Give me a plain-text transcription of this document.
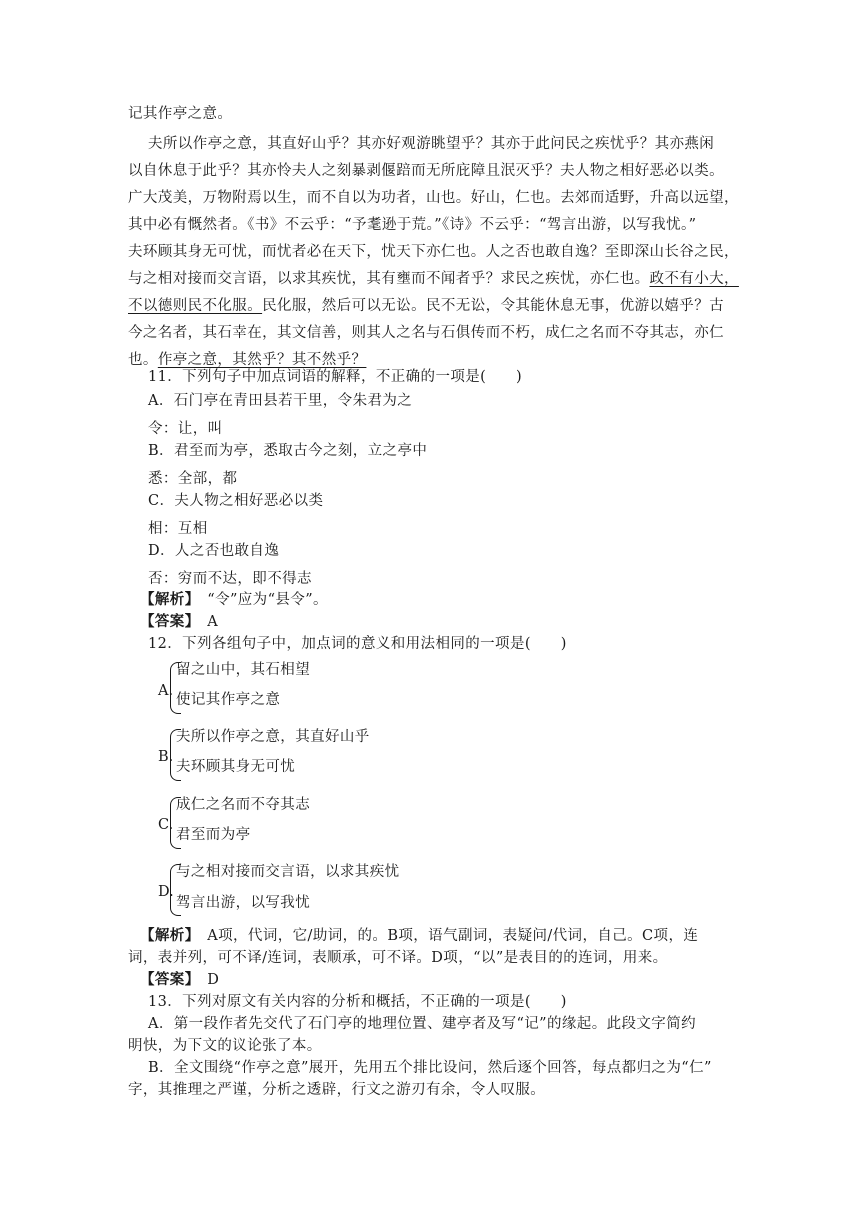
记其作亭之意。
夫所以作亭之意，其直好山乎？其亦好观游眺望乎？其亦于此问民之疾忧乎？其亦燕闲
以自休息于此乎？其亦怜夫人之刻暴剥偃踣而无所庇障且泯灭乎？夫人物之相好恶必以类。
广大茂美，万物附焉以生，而不自以为功者，山也。好山，仁也。去郊而适野，升高以远望，
其中必有慨然者。《书》不云乎：“予耄逊于荒。”《诗》不云乎：“驾言出游，以写我忧。”
夫环顾其身无可忧，而忧者必在天下，忧天下亦仁也。人之否也敢自逸？至即深山长谷之民，
与之相对接而交言语，以求其疾忧，其有壅而不闻者乎？求民之疾忧，亦仁也。政不有小大，
不以德则民不化服。民化服，然后可以无讼。民不无讼，令其能休息无事，优游以嬉乎？古
今之名者，其石幸在，其文信善，则其人之名与石俱传而不朽，成仁之名而不夺其志，亦仁
也。作亭之意，其然乎？其不然乎？
11．下列句子中加点词语的解释，不正确的一项是(　　)
A．石门亭在青田县若干里，令朱君为之
令：让，叫
B．君至而为亭，悉取古今之刻，立之亭中
悉：全部，都
C．夫人物之相好恶必以类
相：互相
D．人之否也敢自逸
否：穷而不达，即不得志
【解析】　“令”应为“县令”。
【答案】　A
12．下列各组句子中，加点词的意义和用法相同的一项是(　　)
A.
留之山中，其石相望
使记其作亭之意
B.
夫所以作亭之意，其直好山乎
夫环顾其身无可忧
C.
成仁之名而不夺其志
君至而为亭
D.
与之相对接而交言语，以求其疾忧
驾言出游，以写我忧
【解析】　A项，代词，它/助词，的。B项，语气副词，表疑问/代词，自己。C项，连
词，表并列，可不译/连词，表顺承，可不译。D项，“以”是表目的的连词，用来。
【答案】　D
13．下列对原文有关内容的分析和概括，不正确的一项是(　　)
A．第一段作者先交代了石门亭的地理位置、建亭者及写“记”的缘起。此段文字简约
明快，为下文的议论张了本。
B．全文围绕“作亭之意”展开，先用五个排比设问，然后逐个回答，每点都归之为“仁”
字，其推理之严谨，分析之透辟，行文之游刃有余，令人叹服。
